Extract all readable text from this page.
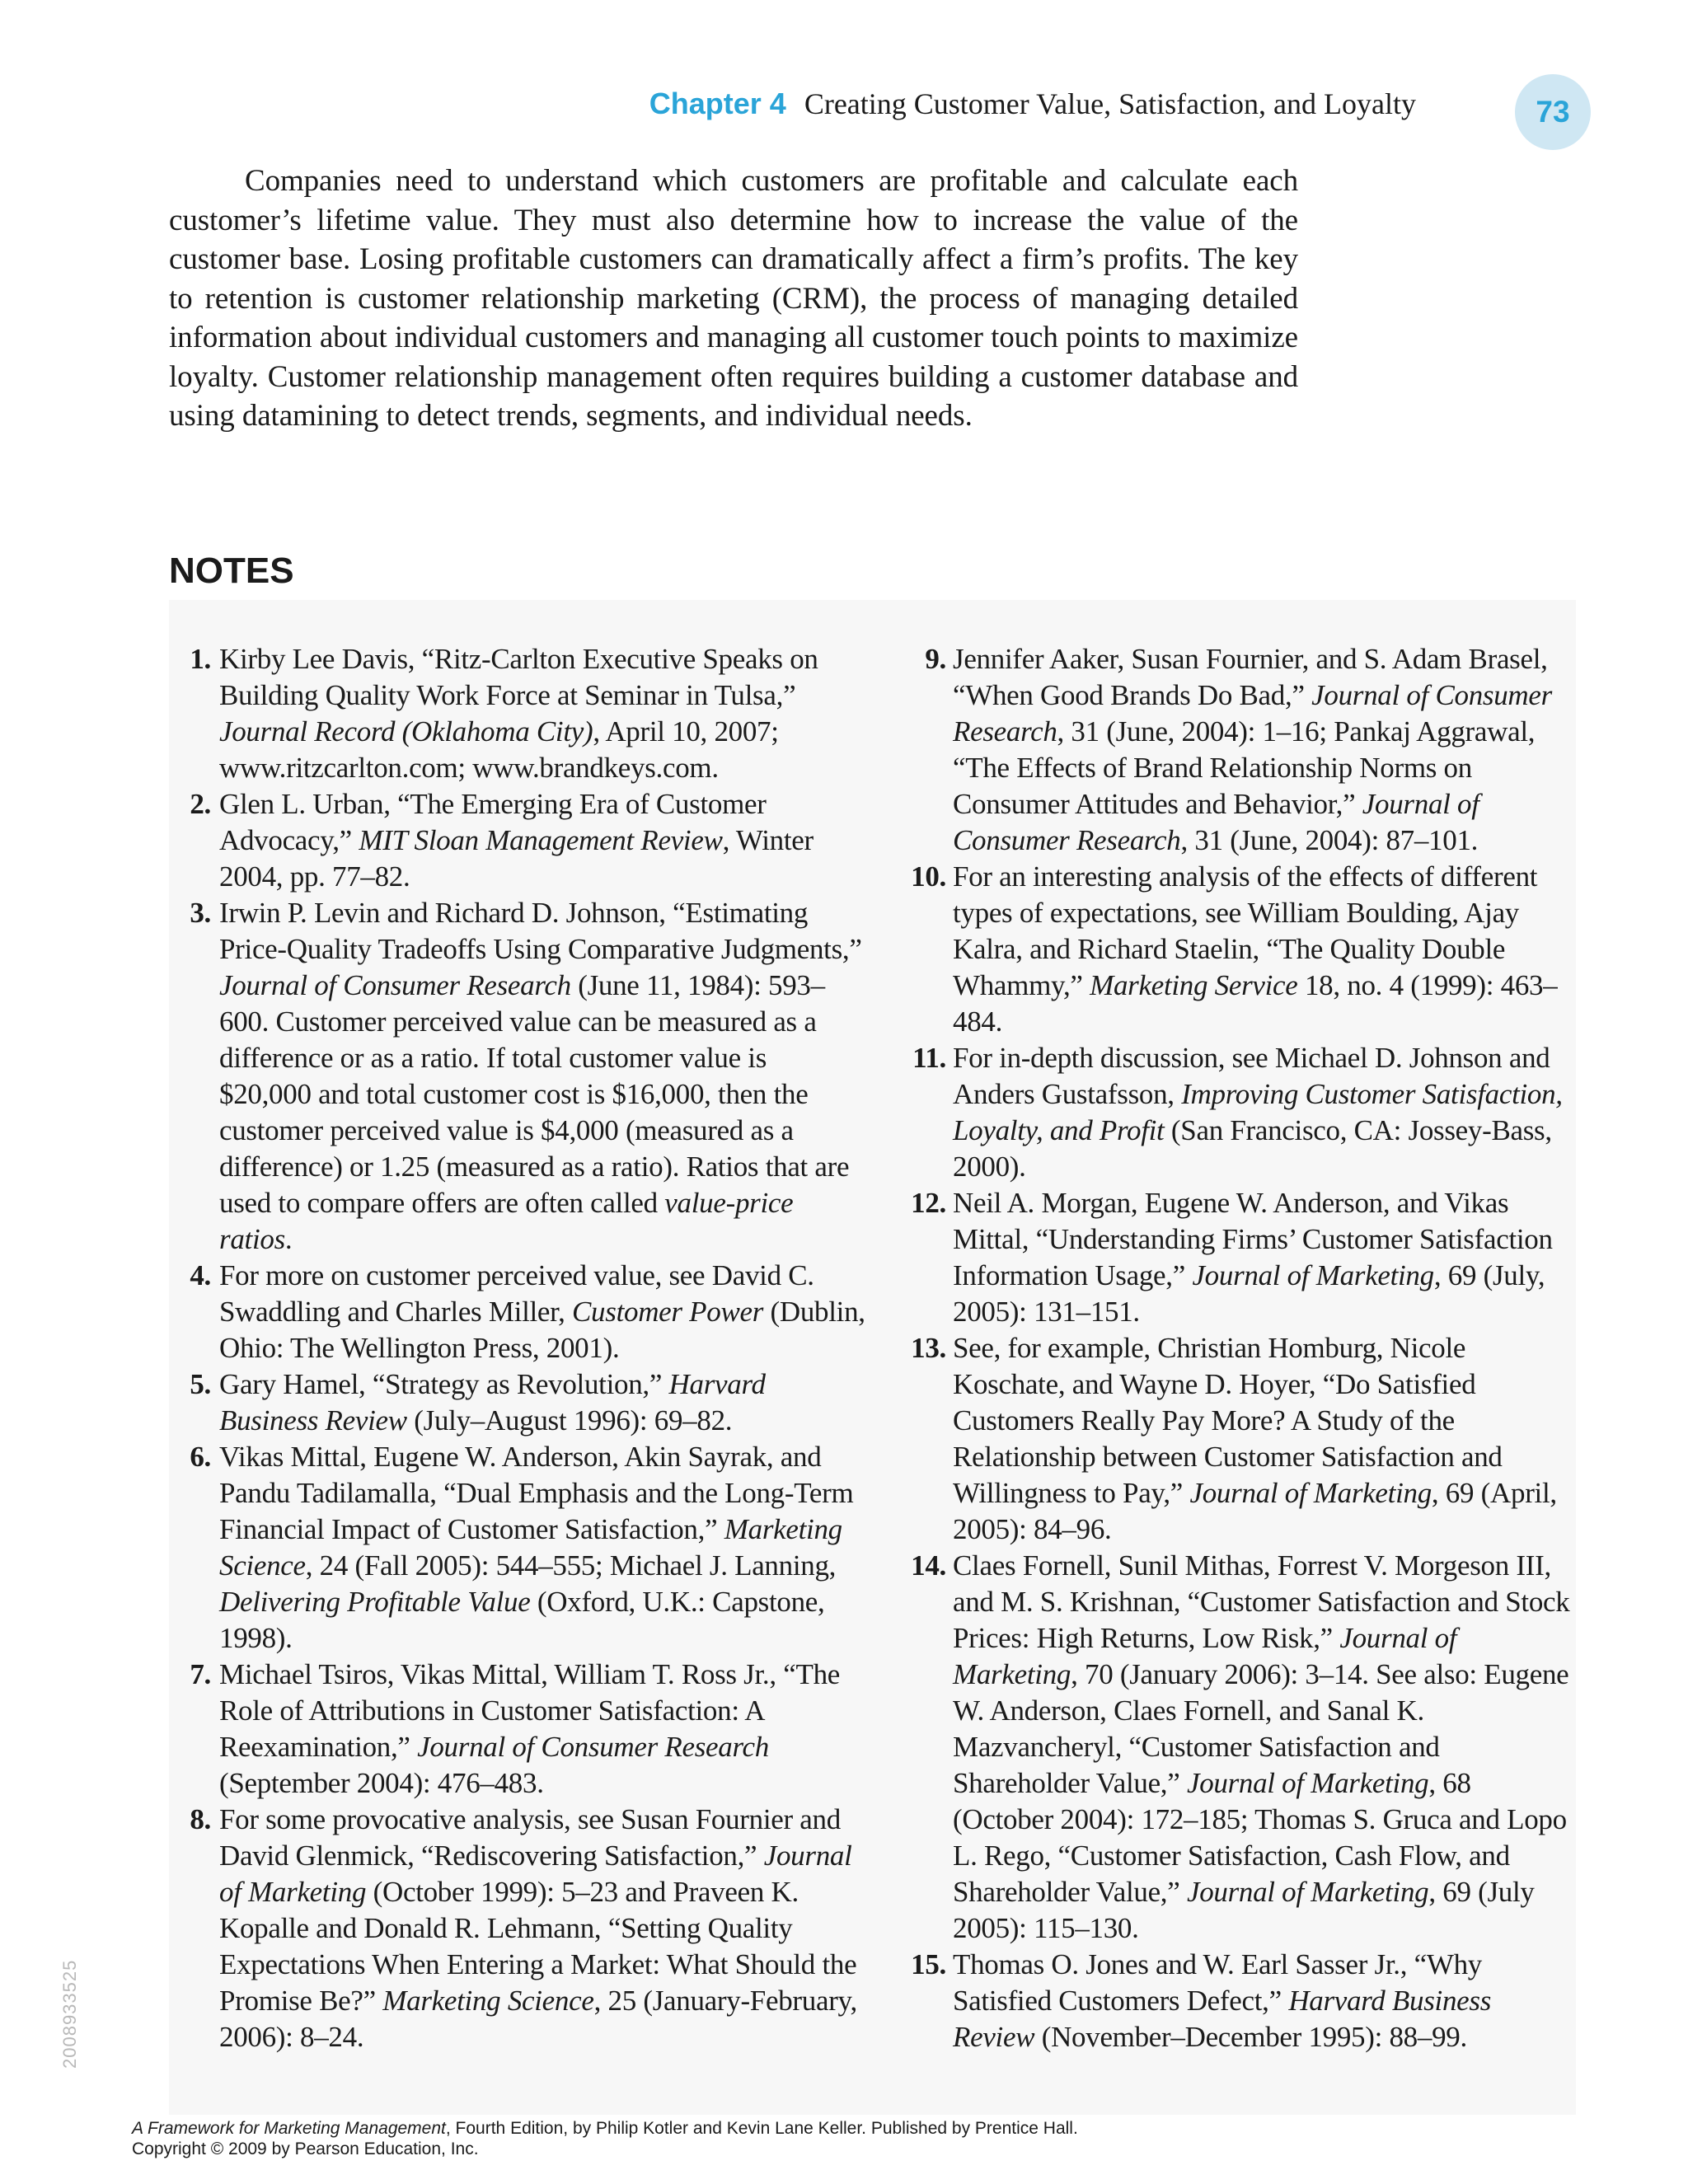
Chapter 4 Creating Customer Value, Satisfaction, and Loyalty	73

Companies need to understand which customers are profitable and calculate each customer’s lifetime value. They must also determine how to increase the value of the customer base. Losing profitable customers can dramatically affect a firm’s profits. The key to retention is customer relationship marketing (CRM), the process of managing detailed information about individual customers and managing all customer touch points to maximize loyalty. Customer relationship management often requires building a customer database and using datamining to detect trends, segments, and individual needs.

NOTES
1. Kirby Lee Davis, “Ritz-Carlton Executive Speaks on Building Quality Work Force at Seminar in Tulsa,” Journal Record (Oklahoma City), April 10, 2007; www.ritzcarlton.com; www.brandkeys.com.
2. Glen L. Urban, “The Emerging Era of Customer Advocacy,” MIT Sloan Management Review, Winter 2004, pp. 77–82.
3. Irwin P. Levin and Richard D. Johnson, “Estimating Price-Quality Tradeoffs Using Comparative Judgments,” Journal of Consumer Research (June 11, 1984): 593–600. Customer perceived value can be measured as a difference or as a ratio. If total customer value is $20,000 and total customer cost is $16,000, then the customer perceived value is $4,000 (measured as a difference) or 1.25 (measured as a ratio). Ratios that are used to compare offers are often called value-price ratios.
4. For more on customer perceived value, see David C. Swaddling and Charles Miller, Customer Power (Dublin, Ohio: The Wellington Press, 2001).
5. Gary Hamel, “Strategy as Revolution,” Harvard Business Review (July–August 1996): 69–82.
6. Vikas Mittal, Eugene W. Anderson, Akin Sayrak, and Pandu Tadilamalla, “Dual Emphasis and the Long-Term Financial Impact of Customer Satisfaction,” Marketing Science, 24 (Fall 2005): 544–555; Michael J. Lanning, Delivering Profitable Value (Oxford, U.K.: Capstone, 1998).
7. Michael Tsiros, Vikas Mittal, William T. Ross Jr., “The Role of Attributions in Customer Satisfaction: A Reexamination,” Journal of Consumer Research (September 2004): 476–483.
8. For some provocative analysis, see Susan Fournier and David Glenmick, “Rediscovering Satisfaction,” Journal of Marketing (October 1999): 5–23 and Praveen K. Kopalle and Donald R. Lehmann, “Setting Quality Expectations When Entering a Market: What Should the Promise Be?” Marketing Science, 25 (January-February, 2006): 8–24.
9. Jennifer Aaker, Susan Fournier, and S. Adam Brasel, “When Good Brands Do Bad,” Journal of Consumer Research, 31 (June, 2004): 1–16; Pankaj Aggrawal, “The Effects of Brand Relationship Norms on Consumer Attitudes and Behavior,” Journal of Consumer Research, 31 (June, 2004): 87–101.
10. For an interesting analysis of the effects of different types of expectations, see William Boulding, Ajay Kalra, and Richard Staelin, “The Quality Double Whammy,” Marketing Service 18, no. 4 (1999): 463–484.
11. For in-depth discussion, see Michael D. Johnson and Anders Gustafsson, Improving Customer Satisfaction, Loyalty, and Profit (San Francisco, CA: Jossey-Bass, 2000).
12. Neil A. Morgan, Eugene W. Anderson, and Vikas Mittal, “Understanding Firms’ Customer Satisfaction Information Usage,” Journal of Marketing, 69 (July, 2005): 131–151.
13. See, for example, Christian Homburg, Nicole Koschate, and Wayne D. Hoyer, “Do Satisfied Customers Really Pay More? A Study of the Relationship between Customer Satisfaction and Willingness to Pay,” Journal of Marketing, 69 (April, 2005): 84–96.
14. Claes Fornell, Sunil Mithas, Forrest V. Morgeson III, and M. S. Krishnan, “Customer Satisfaction and Stock Prices: High Returns, Low Risk,” Journal of Marketing, 70 (January 2006): 3–14. See also: Eugene W. Anderson, Claes Fornell, and Sanal K. Mazvancheryl, “Customer Satisfaction and Shareholder Value,” Journal of Marketing, 68 (October 2004): 172–185; Thomas S. Gruca and Lopo L. Rego, “Customer Satisfaction, Cash Flow, and Shareholder Value,” Journal of Marketing, 69 (July 2005): 115–130.
15. Thomas O. Jones and W. Earl Sasser Jr., “Why Satisfied Customers Defect,” Harvard Business Review (November–December 1995): 88–99.
2008933525
A Framework for Marketing Management, Fourth Edition, by Philip Kotler and Kevin Lane Keller. Published by Prentice Hall.
Copyright © 2009 by Pearson Education, Inc.
